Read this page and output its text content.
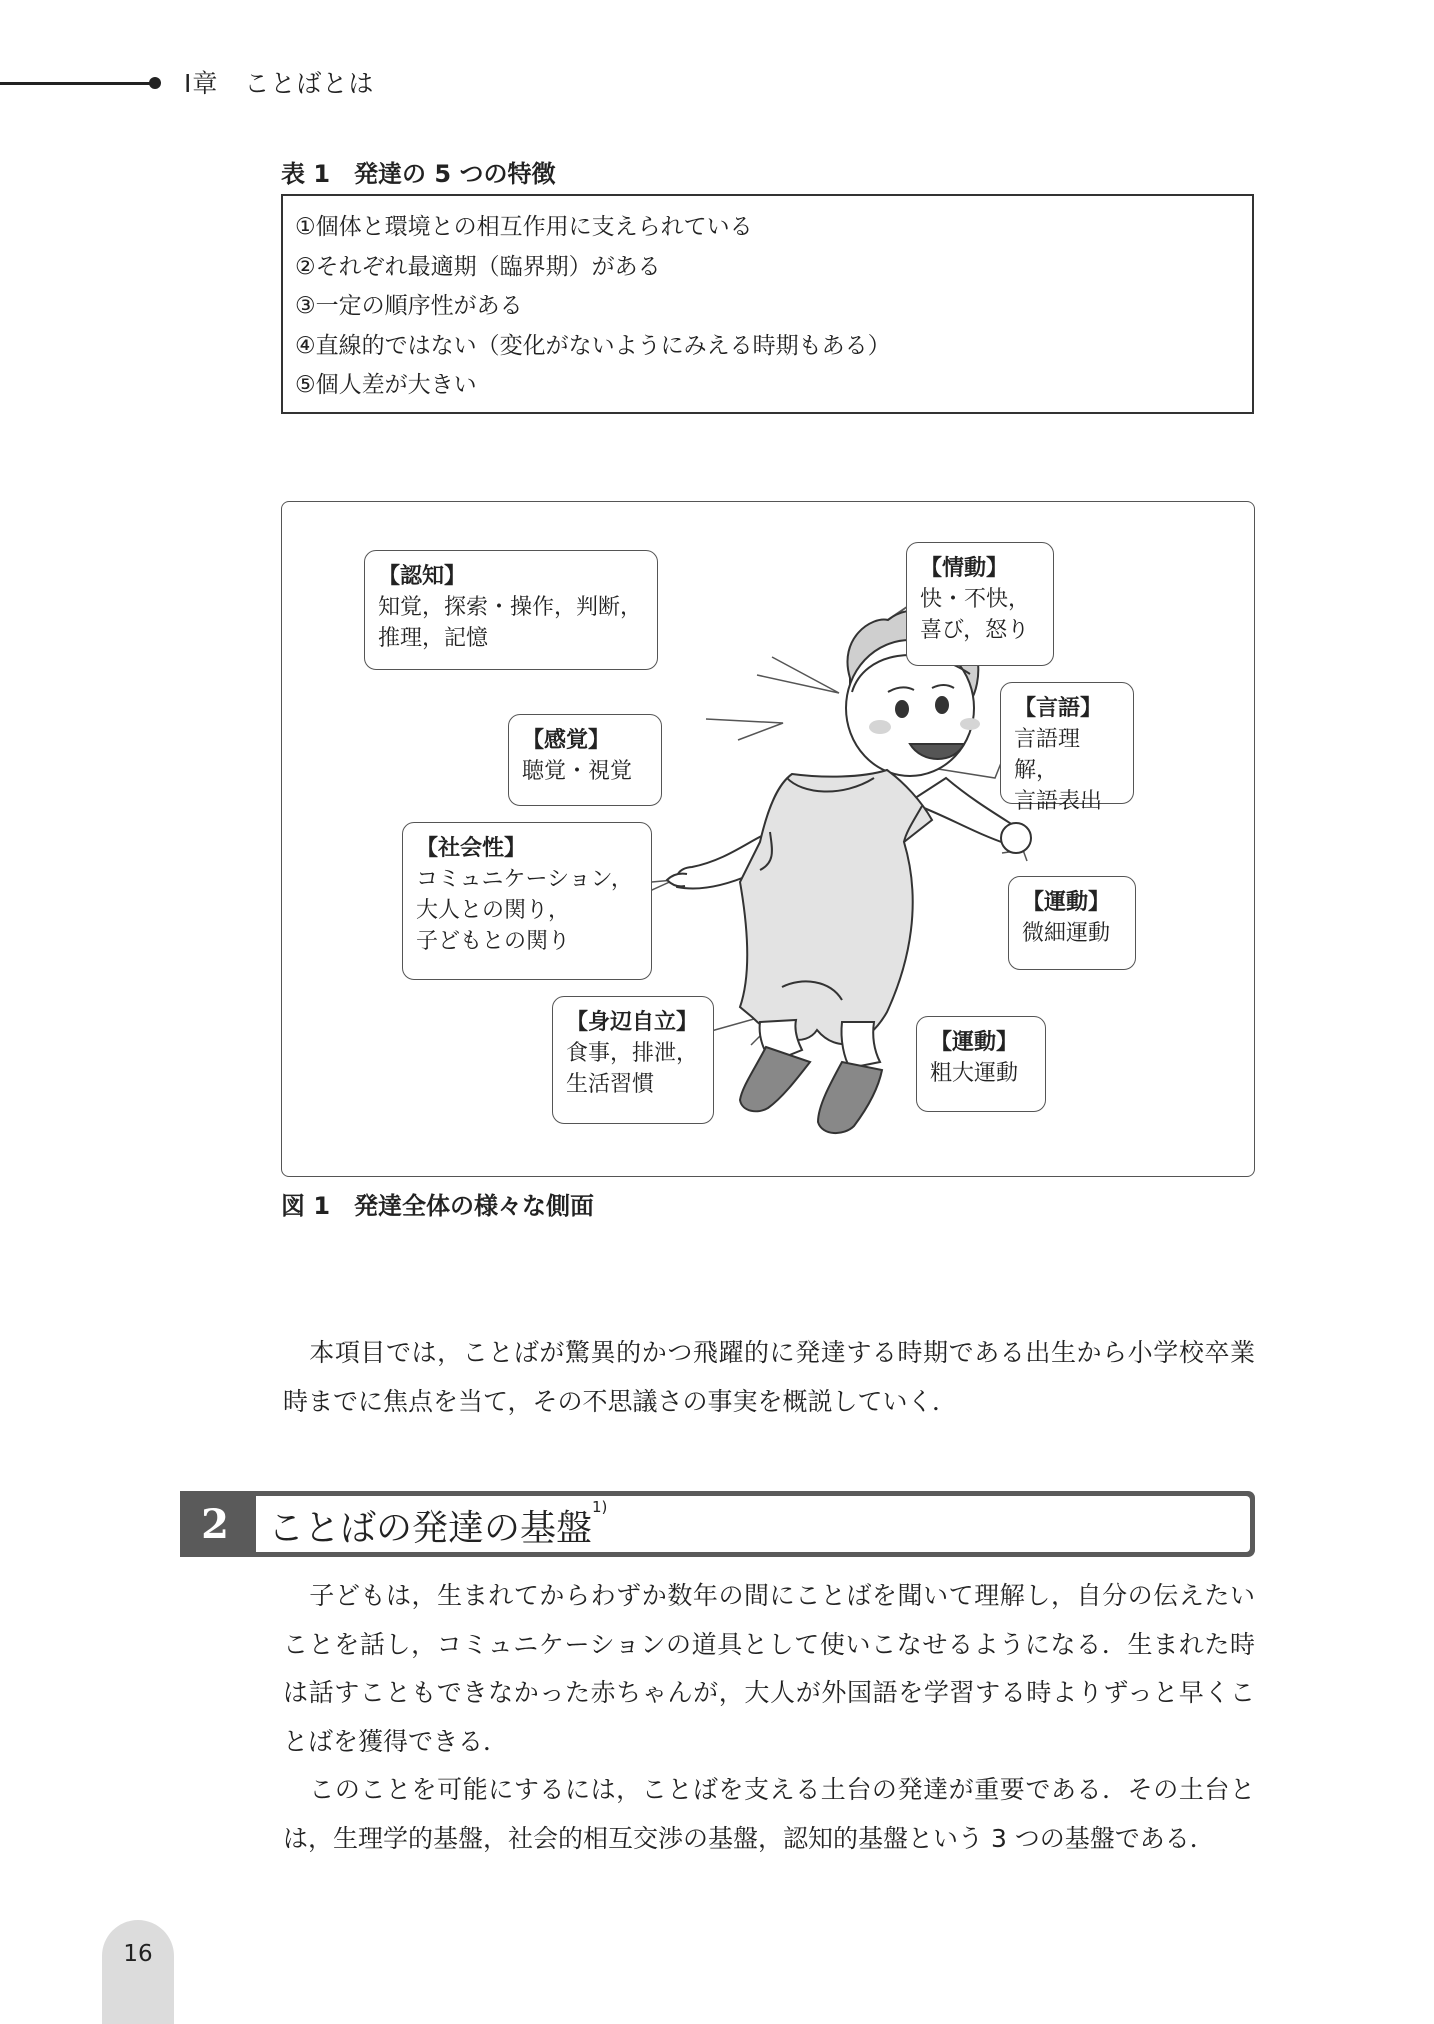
Ⅰ章　ことばとは
表 1　発達の 5 つの特徴
①個体と環境との相互作用に支えられている
②それぞれ最適期（臨界期）がある
③一定の順序性がある
④直線的ではない（変化がないようにみえる時期もある）
⑤個人差が大きい
【認知】
知覚，探索・操作，判断，
推理，記憶
【情動】
快・不快，
喜び，怒り
【感覚】
聴覚・視覚
【言語】
言語理解，
言語表出
【社会性】
コミュニケーション，
大人との関り，
子どもとの関り
【運動】
微細運動
【身辺自立】
食事，排泄，
生活習慣
【運動】
粗大運動
図 1　発達全体の様々な側面
本項目では，ことばが驚異的かつ飛躍的に発達する時期である出生から小学校卒業時までに焦点を当て，その不思議さの事実を概説していく．
2	ことばの発達の基盤$^{1)}$
子どもは，生まれてからわずか数年の間にことばを聞いて理解し，自分の伝えたいことを話し，コミュニケーションの道具として使いこなせるようになる．生まれた時は話すこともできなかった赤ちゃんが，大人が外国語を学習する時よりずっと早くことばを獲得できる．
このことを可能にするには，ことばを支える土台の発達が重要である．その土台とは，生理学的基盤，社会的相互交渉の基盤，認知的基盤という 3 つの基盤である．
16
